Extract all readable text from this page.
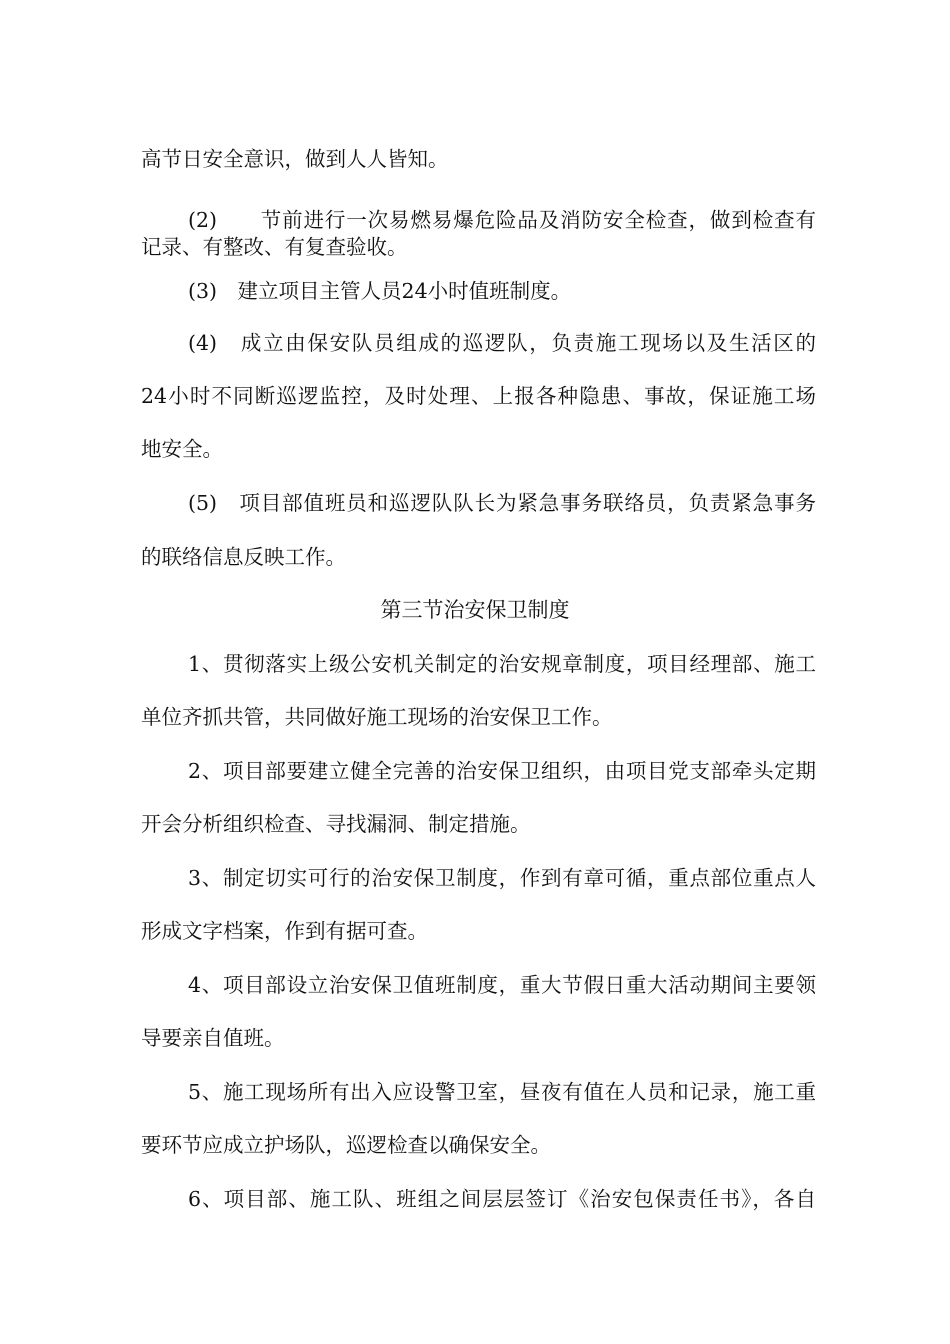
高节日安全意识，做到人人皆知。
(2)　　节前进行一次易燃易爆危险品及消防安全检查，做到检查有
记录、有整改、有复查验收。
(3)　建立项目主管人员24小时值班制度。
(4)　成立由保安队员组成的巡逻队，负责施工现场以及生活区的
24小时不同断巡逻监控，及时处理、上报各种隐患、事故，保证施工场
地安全。
(5)　项目部值班员和巡逻队队长为紧急事务联络员，负责紧急事务
的联络信息反映工作。
第三节治安保卫制度
1、贯彻落实上级公安机关制定的治安规章制度，项目经理部、施工
单位齐抓共管，共同做好施工现场的治安保卫工作。
2、项目部要建立健全完善的治安保卫组织，由项目党支部牵头定期
开会分析组织检查、寻找漏洞、制定措施。
3、制定切实可行的治安保卫制度，作到有章可循，重点部位重点人
形成文字档案，作到有据可查。
4、项目部设立治安保卫值班制度，重大节假日重大活动期间主要领
导要亲自值班。
5、施工现场所有出入应设警卫室，昼夜有值在人员和记录，施工重
要环节应成立护场队，巡逻检查以确保安全。
6、项目部、施工队、班组之间层层签订《治安包保责任书》，各自
